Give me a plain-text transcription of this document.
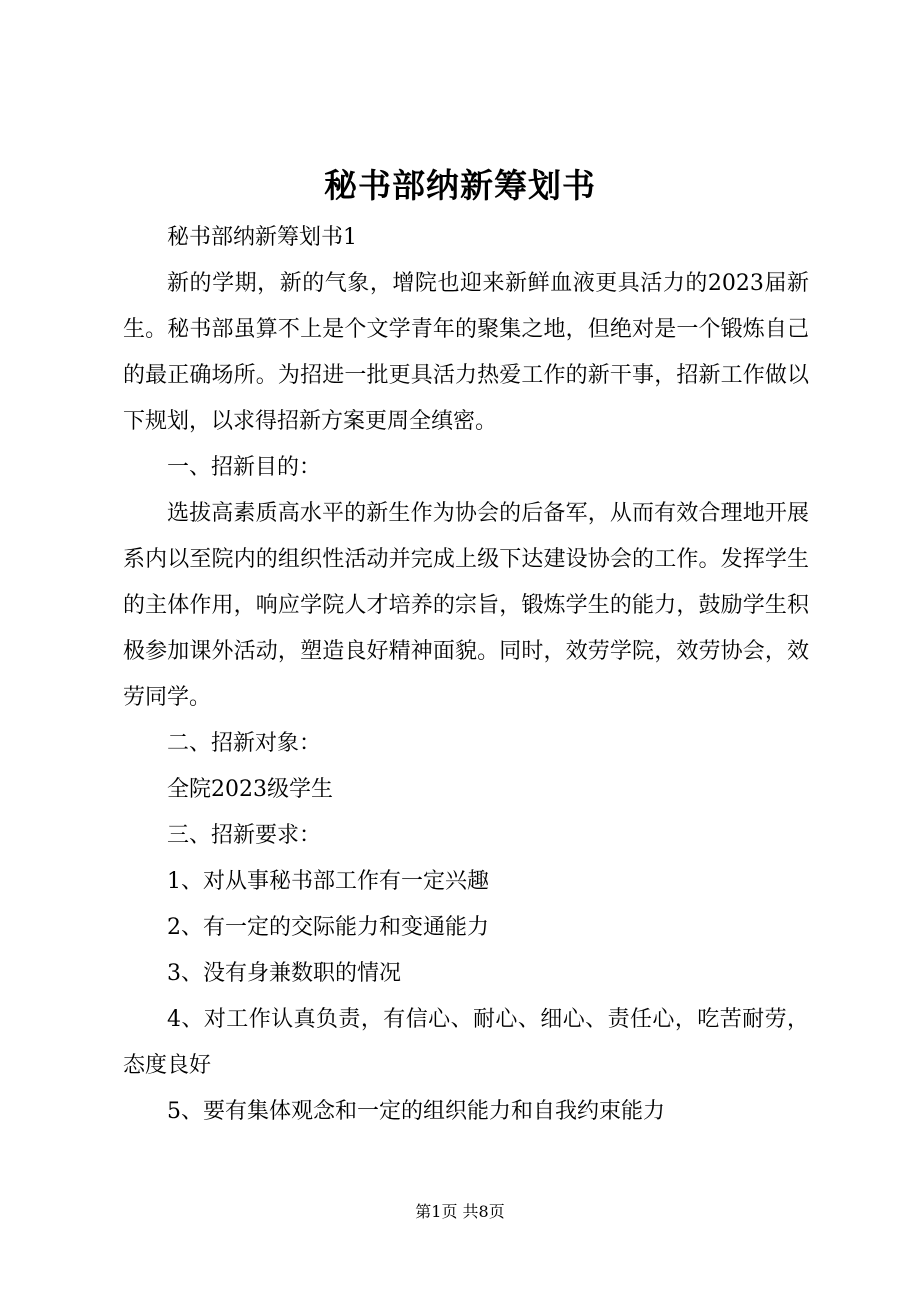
秘书部纳新筹划书

秘书部纳新筹划书1

新的学期，新的气象，增院也迎来新鲜血液更具活力的2023届新生。秘书部虽算不上是个文学青年的聚集之地，但绝对是一个锻炼自己的最正确场所。为招进一批更具活力热爱工作的新干事，招新工作做以下规划，以求得招新方案更周全缜密。

一、招新目的：

选拔高素质高水平的新生作为协会的后备军，从而有效合理地开展系内以至院内的组织性活动并完成上级下达建设协会的工作。发挥学生的主体作用，响应学院人才培养的宗旨，锻炼学生的能力，鼓励学生积极参加课外活动，塑造良好精神面貌。同时，效劳学院，效劳协会，效劳同学。

二、招新对象：

全院2023级学生

三、招新要求：

1、对从事秘书部工作有一定兴趣

2、有一定的交际能力和变通能力

3、没有身兼数职的情况

4、对工作认真负责，有信心、耐心、细心、责任心，吃苦耐劳，态度良好

5、要有集体观念和一定的组织能力和自我约束能力

第1页 共8页
